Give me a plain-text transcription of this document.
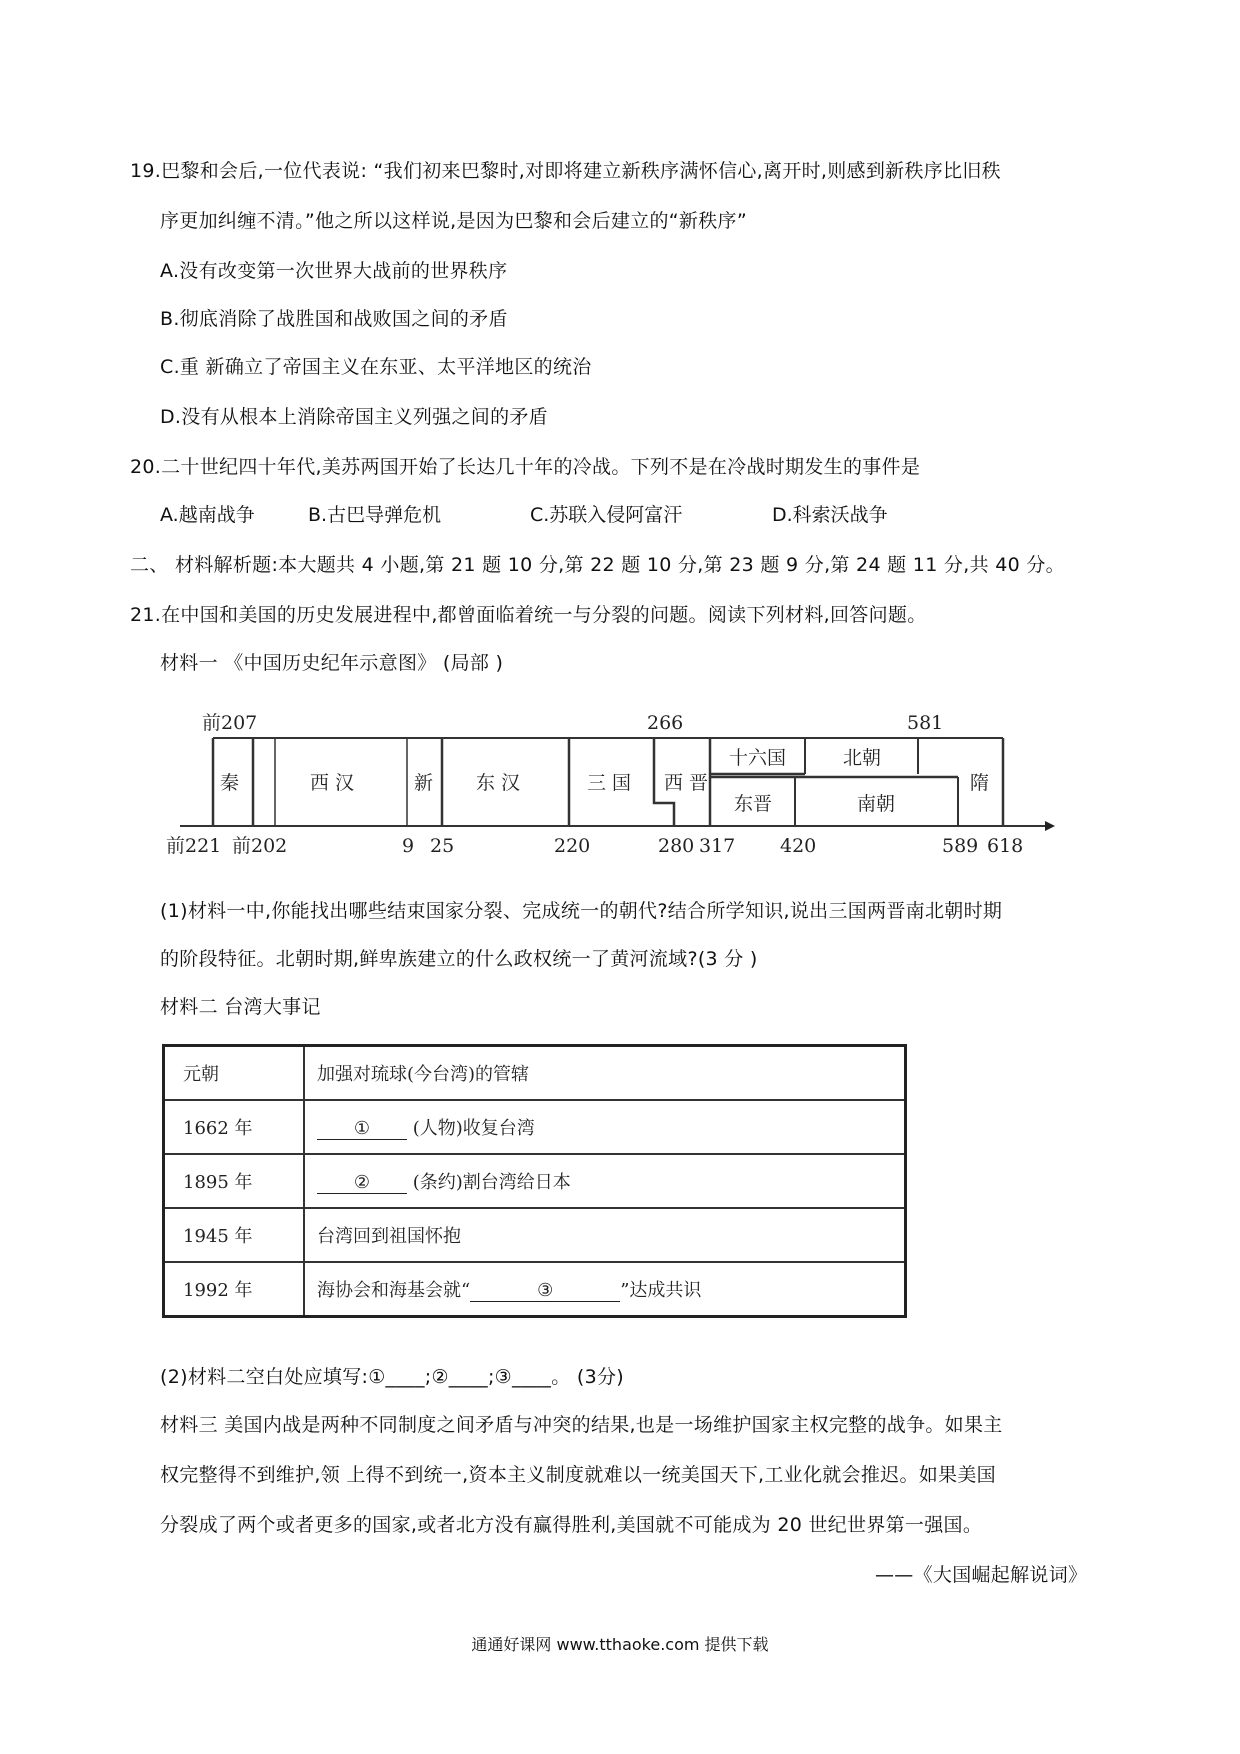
19.巴黎和会后,一位代表说: “我们初来巴黎时,对即将建立新秩序满怀信心,离开时,则感到新秩序比旧秩
序更加纠缠不清。”他之所以这样说,是因为巴黎和会后建立的“新秩序”
A.没有改变第一次世界大战前的世界秩序
B.彻底消除了战胜国和战败国之间的矛盾
C.重 新确立了帝国主义在东亚、太平洋地区的统治
D.没有从根本上消除帝国主义列强之间的矛盾
20.二十世纪四十年代,美苏两国开始了长达几十年的冷战。下列不是在冷战时期发生的事件是
A.越南战争	B.古巴导弹危机	C.苏联入侵阿富汗	D.科索沃战争
二、 材料解析题:本大题共 4 小题,第 21 题 10 分,第 22 题 10 分,第 23 题 9 分,第 24 题 11 分,共 40 分。
21.在中国和美国的历史发展进程中,都曾面临着统一与分裂的问题。阅读下列材料,回答问题。
材料一 《中国历史纪年示意图》 (局部 )
前207	266	581
前221 前202	9 25	220	280 317 420	589 618
秦	西 汉	新 东 汉	三 国 西 晋
十六国
东晋
北朝
南朝
隋
(1)材料一中,你能找出哪些结束国家分裂、完成统一的朝代?结合所学知识,说出三国两晋南北朝时期
的阶段特征。北朝时期,鲜卑族建立的什么政权统一了黄河流域?(3 分 )
材料二 台湾大事记
元朝	加强对琉球(今台湾)的管辖
1662 年	① (人物)收复台湾
1895 年	② (条约)割台湾给日本
1945 年	台湾回到祖国怀抱
1992 年	海协会和海基会就“ ③ ”达成共识
(2)材料二空白处应填写:①____;②____;③____。 (3分)
材料三 美国内战是两种不同制度之间矛盾与冲突的结果,也是一场维护国家主权完整的战争。如果主
权完整得不到维护,领 上得不到统一,资本主义制度就难以一统美国天下,工业化就会推迟。如果美国
分裂成了两个或者更多的国家,或者北方没有赢得胜利,美国就不可能成为 20 世纪世界第一强国。
——《大国崛起解说词》
通通好课网 www.tthaoke.com 提供下载
